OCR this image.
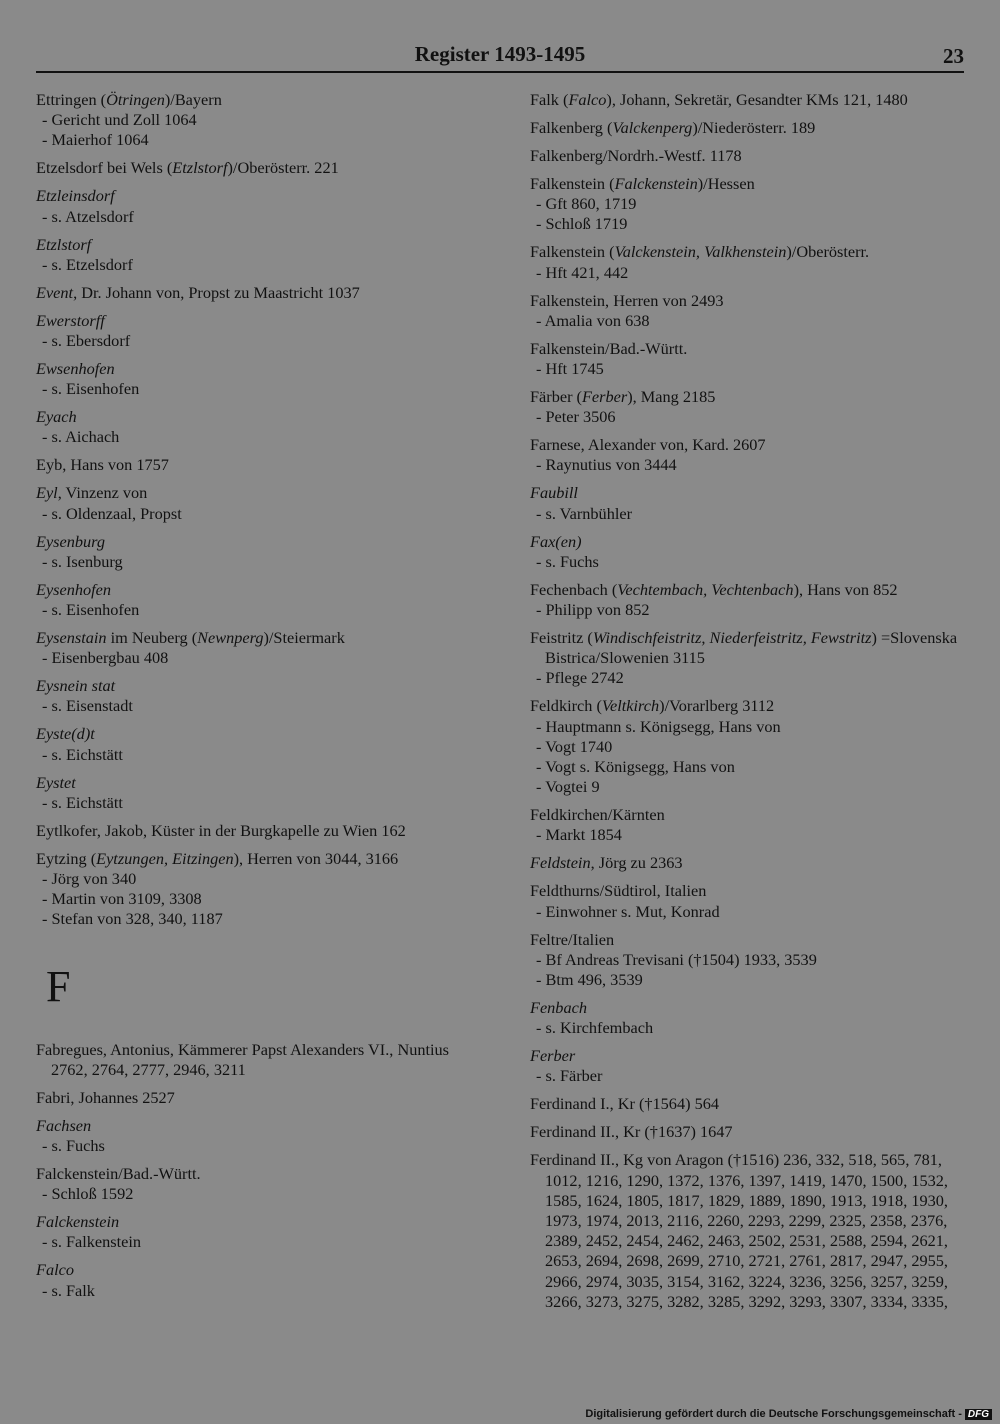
Register 1493-1495	23
Ettringen (Ötringen)/Bayern
- Gericht und Zoll 1064
- Maierhof 1064
Etzelsdorf bei Wels (Etzlstorf)/Oberösterr. 221
Etzleinsdorf
- s. Atzelsdorf
Etzlstorf
- s. Etzelsdorf
Event, Dr. Johann von, Propst zu Maastricht 1037
Ewerstorff
- s. Ebersdorf
Ewsenhofen
- s. Eisenhofen
Eyach
- s. Aichach
Eyb, Hans von 1757
Eyl, Vinzenz von
- s. Oldenzaal, Propst
Eysenburg
- s. Isenburg
Eysenhofen
- s. Eisenhofen
Eysenstain im Neuberg (Newnperg)/Steiermark
- Eisenbergbau 408
Eysnein stat
- s. Eisenstadt
Eyste(d)t
- s. Eichstätt
Eystet
- s. Eichstätt
Eytlkofer, Jakob, Küster in der Burgkapelle zu Wien 162
Eytzing (Eytzungen, Eitzingen), Herren von 3044, 3166
- Jörg von 340
- Martin von 3109, 3308
- Stefan von 328, 340, 1187
F
Fabregues, Antonius, Kämmerer Papst Alexanders VI., Nuntius 2762, 2764, 2777, 2946, 3211
Fabri, Johannes 2527
Fachsen
- s. Fuchs
Falckenstein/Bad.-Württ.
- Schloß 1592
Falckenstein
- s. Falkenstein
Falco
- s. Falk
Falk (Falco), Johann, Sekretär, Gesandter KMs 121, 1480
Falkenberg (Valckenperg)/Niederösterr. 189
Falkenberg/Nordrh.-Westf. 1178
Falkenstein (Falckenstein)/Hessen
- Gft 860, 1719
- Schloß 1719
Falkenstein (Valckenstein, Valkhenstein)/Oberösterr.
- Hft 421, 442
Falkenstein, Herren von 2493
- Amalia von 638
Falkenstein/Bad.-Württ.
- Hft 1745
Färber (Ferber), Mang 2185
- Peter 3506
Farnese, Alexander von, Kard. 2607
- Raynutius von 3444
Faubill
- s. Varnbühler
Fax(en)
- s. Fuchs
Fechenbach (Vechtembach, Vechtenbach), Hans von 852
- Philipp von 852
Feistritz (Windischfeistritz, Niederfeistritz, Fewstritz) =Slovenska Bistrica/Slowenien 3115
- Pflege 2742
Feldkirch (Veltkirch)/Vorarlberg 3112
- Hauptmann s. Königsegg, Hans von
- Vogt 1740
- Vogt s. Königsegg, Hans von
- Vogtei 9
Feldkirchen/Kärnten
- Markt 1854
Feldstein, Jörg zu 2363
Feldthurns/Südtirol, Italien
- Einwohner s. Mut, Konrad
Feltre/Italien
- Bf Andreas Trevisani (†1504) 1933, 3539
- Btm 496, 3539
Fenbach
- s. Kirchfembach
Ferber
- s. Färber
Ferdinand I., Kr (†1564) 564
Ferdinand II., Kr (†1637) 1647
Ferdinand II., Kg von Aragon (†1516) 236, 332, 518, 565, 781, 1012, 1216, 1290, 1372, 1376, 1397, 1419, 1470, 1500, 1532, 1585, 1624, 1805, 1817, 1829, 1889, 1890, 1913, 1918, 1930, 1973, 1974, 2013, 2116, 2260, 2293, 2299, 2325, 2358, 2376, 2389, 2452, 2454, 2462, 2463, 2502, 2531, 2588, 2594, 2621, 2653, 2694, 2698, 2699, 2710, 2721, 2761, 2817, 2947, 2955, 2966, 2974, 3035, 3154, 3162, 3224, 3236, 3256, 3257, 3259, 3266, 3273, 3275, 3282, 3285, 3292, 3293, 3307, 3334, 3335,
Digitalisierung gefördert durch die Deutsche Forschungsgemeinschaft - DFG
